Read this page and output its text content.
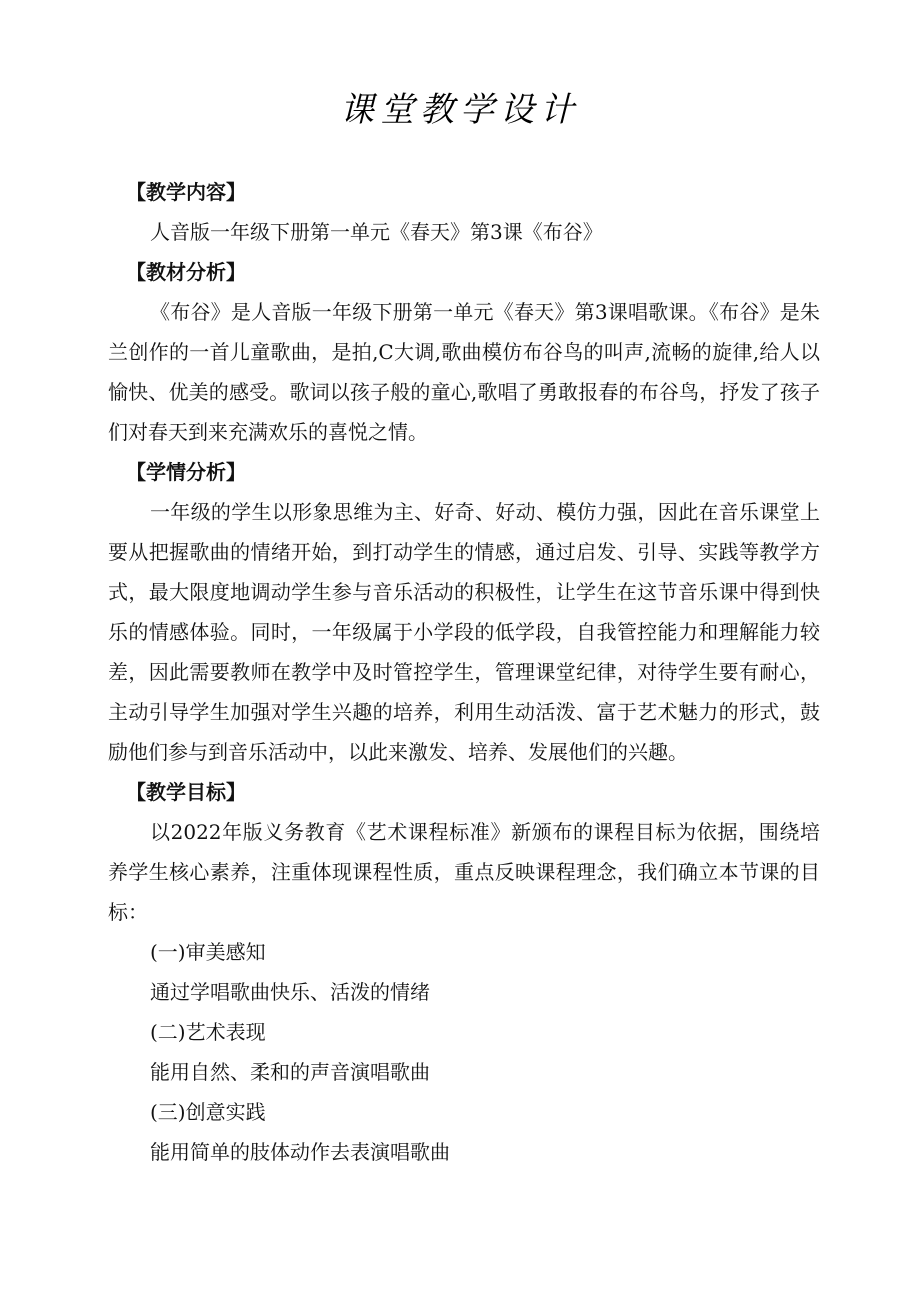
课堂教学设计
【教学内容】

人音版一年级下册第一单元《春天》第3课《布谷》

【教材分析】

《布谷》是人音版一年级下册第一单元《春天》第3课唱歌课。《布谷》是朱兰创作的一首儿童歌曲，是拍,C大调,歌曲模仿布谷鸟的叫声,流畅的旋律,给人以愉快、优美的感受。歌词以孩子般的童心,歌唱了勇敢报春的布谷鸟，抒发了孩子们对春天到来充满欢乐的喜悦之情。

【学情分析】

一年级的学生以形象思维为主、好奇、好动、模仿力强，因此在音乐课堂上要从把握歌曲的情绪开始，到打动学生的情感，通过启发、引导、实践等教学方式，最大限度地调动学生参与音乐活动的积极性，让学生在这节音乐课中得到快乐的情感体验。同时，一年级属于小学段的低学段，自我管控能力和理解能力较差，因此需要教师在教学中及时管控学生，管理课堂纪律，对待学生要有耐心，主动引导学生加强对学生兴趣的培养，利用生动活泼、富于艺术魅力的形式，鼓励他们参与到音乐活动中，以此来激发、培养、发展他们的兴趣。

【教学目标】

以2022年版义务教育《艺术课程标准》新颁布的课程目标为依据，围绕培养学生核心素养，注重体现课程性质，重点反映课程理念，我们确立本节课的目标：

(一)审美感知

通过学唱歌曲快乐、活泼的情绪

(二)艺术表现

能用自然、柔和的声音演唱歌曲

(三)创意实践

能用简单的肢体动作去表演唱歌曲
